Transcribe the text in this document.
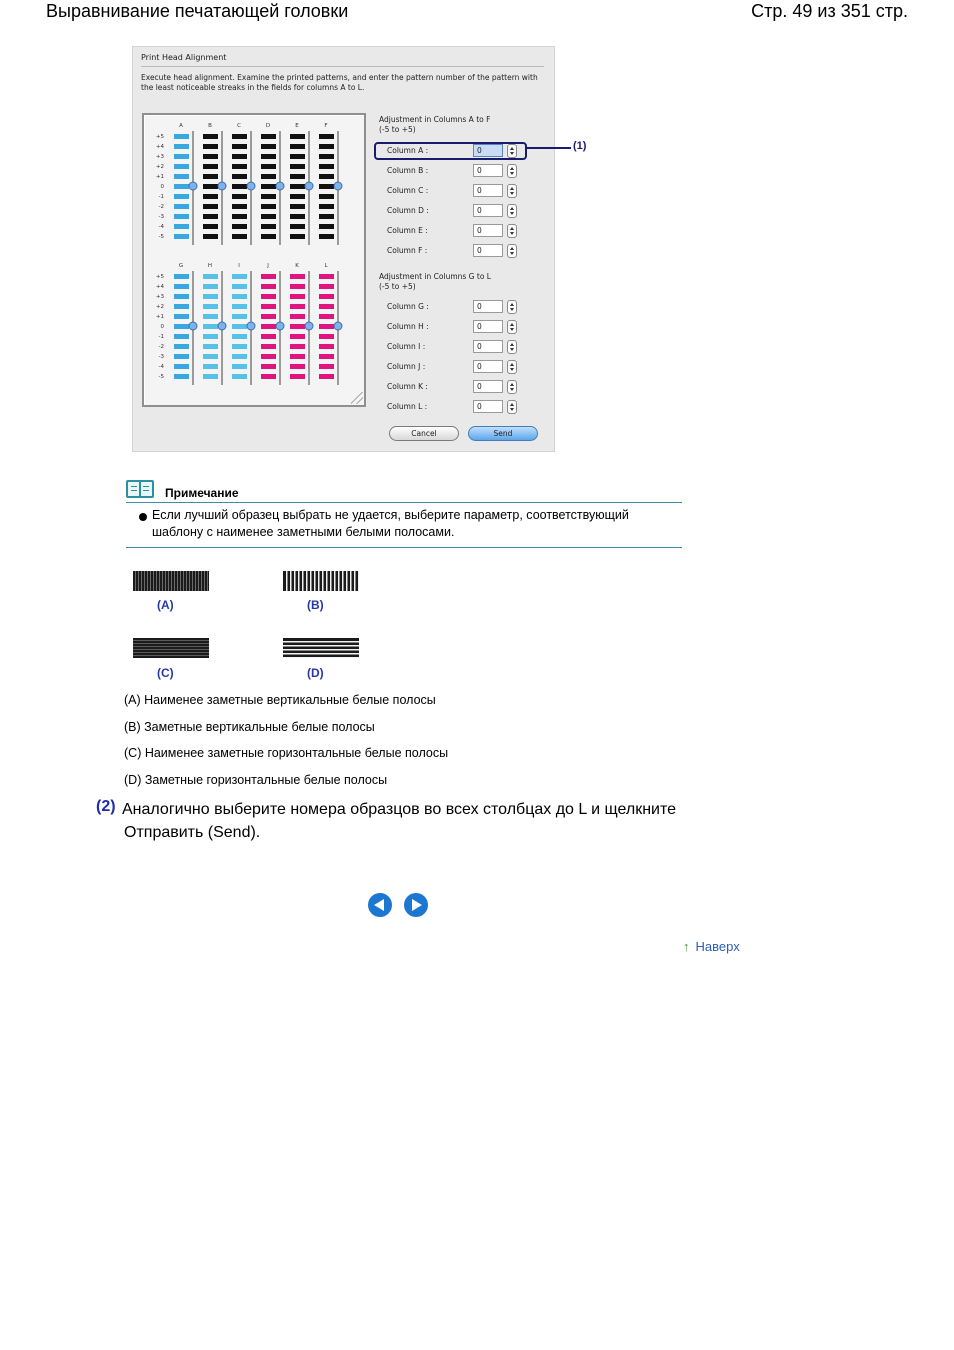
Выравнивание печатающей головки	Стр. 49 из 351 стр.
Print Head Alignment
Execute head alignment. Examine the printed patterns, and enter the pattern number of the pattern with the least noticeable streaks in the fields for columns A to L.
A	B	C	D	E	F
+5
+4
+3
+2
+1
0
-1
-2
-3
-4
-5
G	H	I	J	K	L
+5
+4
+3
+2
+1
0
-1
-2
-3
-4
-5
Adjustment in Columns A to F
(-5 to +5)
Adjustment in Columns G to L
(-5 to +5)
Cancel	Send
Column A :	0
Column B :	0
Column C :	0
Column D :	0
Column E :	0
Column F :	0
Column G :	0
Column H :	0
Column I :	0
Column J :	0
Column K :	0
Column L :	0
(1)
Примечание
Если лучший образец выбрать не удается, выберите параметр, соответствующий шаблону с наименее заметными белыми полосами.
(A)	(B)
(C)	(D)
(A) Наименее заметные вертикальные белые полосы
(B) Заметные вертикальные белые полосы
(C) Наименее заметные горизонтальные белые полосы
(D) Заметные горизонтальные белые полосы
(2) Аналогично выберите номера образцов во всех столбцах до L и щелкните
Отправить (Send).
↑ Наверх
